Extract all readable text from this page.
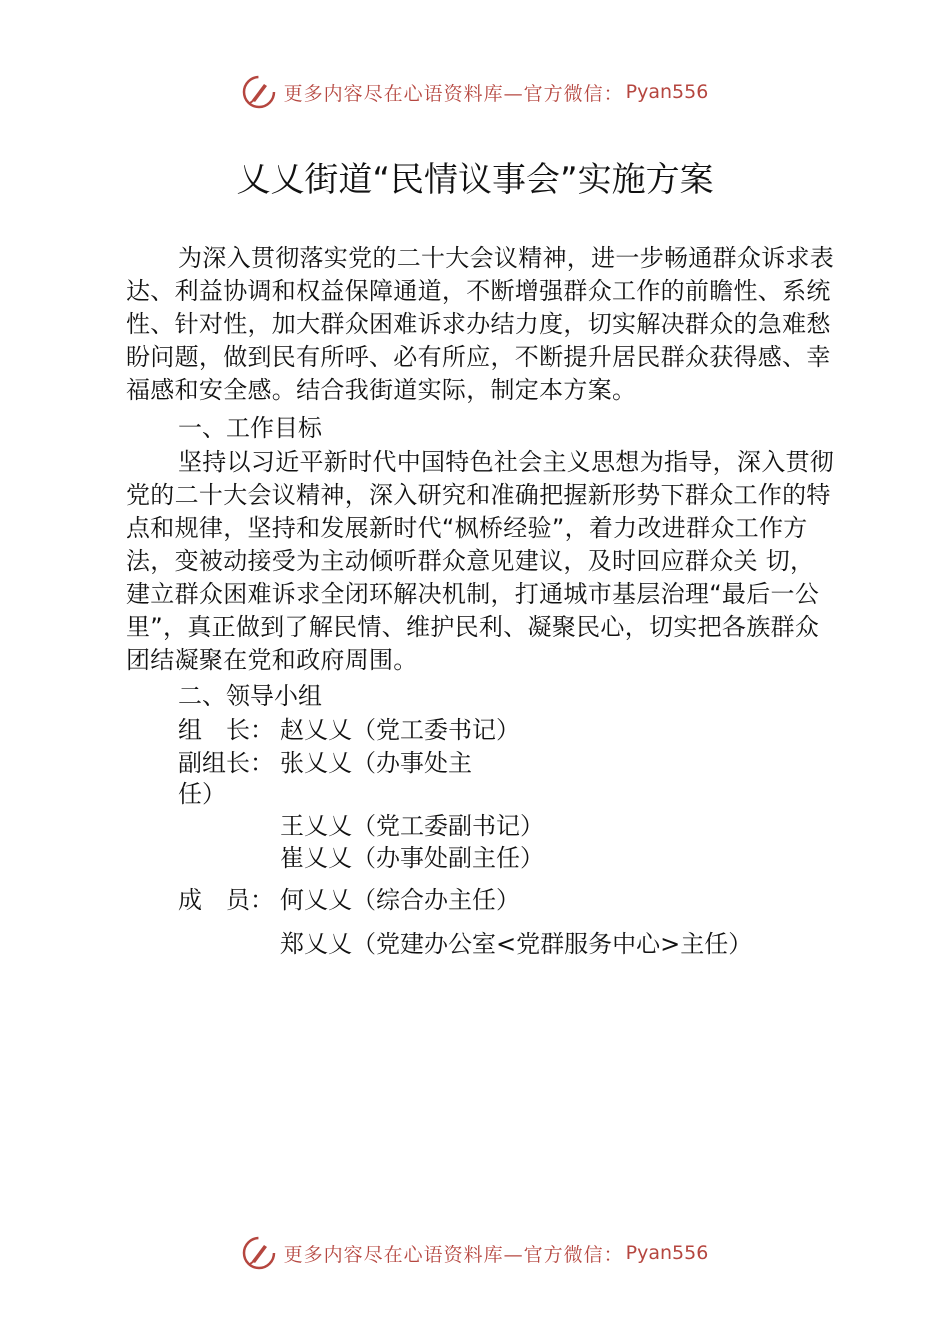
更多内容尽在心语资料库—官方微信： Pyan556
乂乂街道“民情议事会”实施方案

为深入贯彻落实党的二十大会议精神，进一步畅通群众诉求表达、利益协调和权益保障通道，不断增强群众工作的前瞻性、系统性、针对性，加大群众困难诉求办结力度，切实解决群众的急难愁盼问题，做到民有所呼、必有所应，不断提升居民群众获得感、幸福感和安全感。结合我街道实际，制定本方案。

一、工作目标

坚持以习近平新时代中国特色社会主义思想为指导，深入贯彻党的二十大会议精神，深入研究和准确把握新形势下群众工作的特点和规律，坚持和发展新时代“枫桥经验”，着力改进群众工作方法，变被动接受为主动倾听群众意见建议，及时回应群众关 切，建立群众困难诉求全闭环解决机制，打通城市基层治理“最后一公里”，真正做到了解民情、维护民利、凝聚民心，切实把各族群众团结凝聚在党和政府周围。

二、领导小组

组　长： 赵乂乂（党工委书记）
副组长： 张乂乂（办事处主
任）
王乂乂（党工委副书记）
崔乂乂（办事处副主任）
成　员： 何乂乂（综合办主任）
郑乂乂（党建办公室<党群服务中心>主任）
更多内容尽在心语资料库—官方微信： Pyan556
